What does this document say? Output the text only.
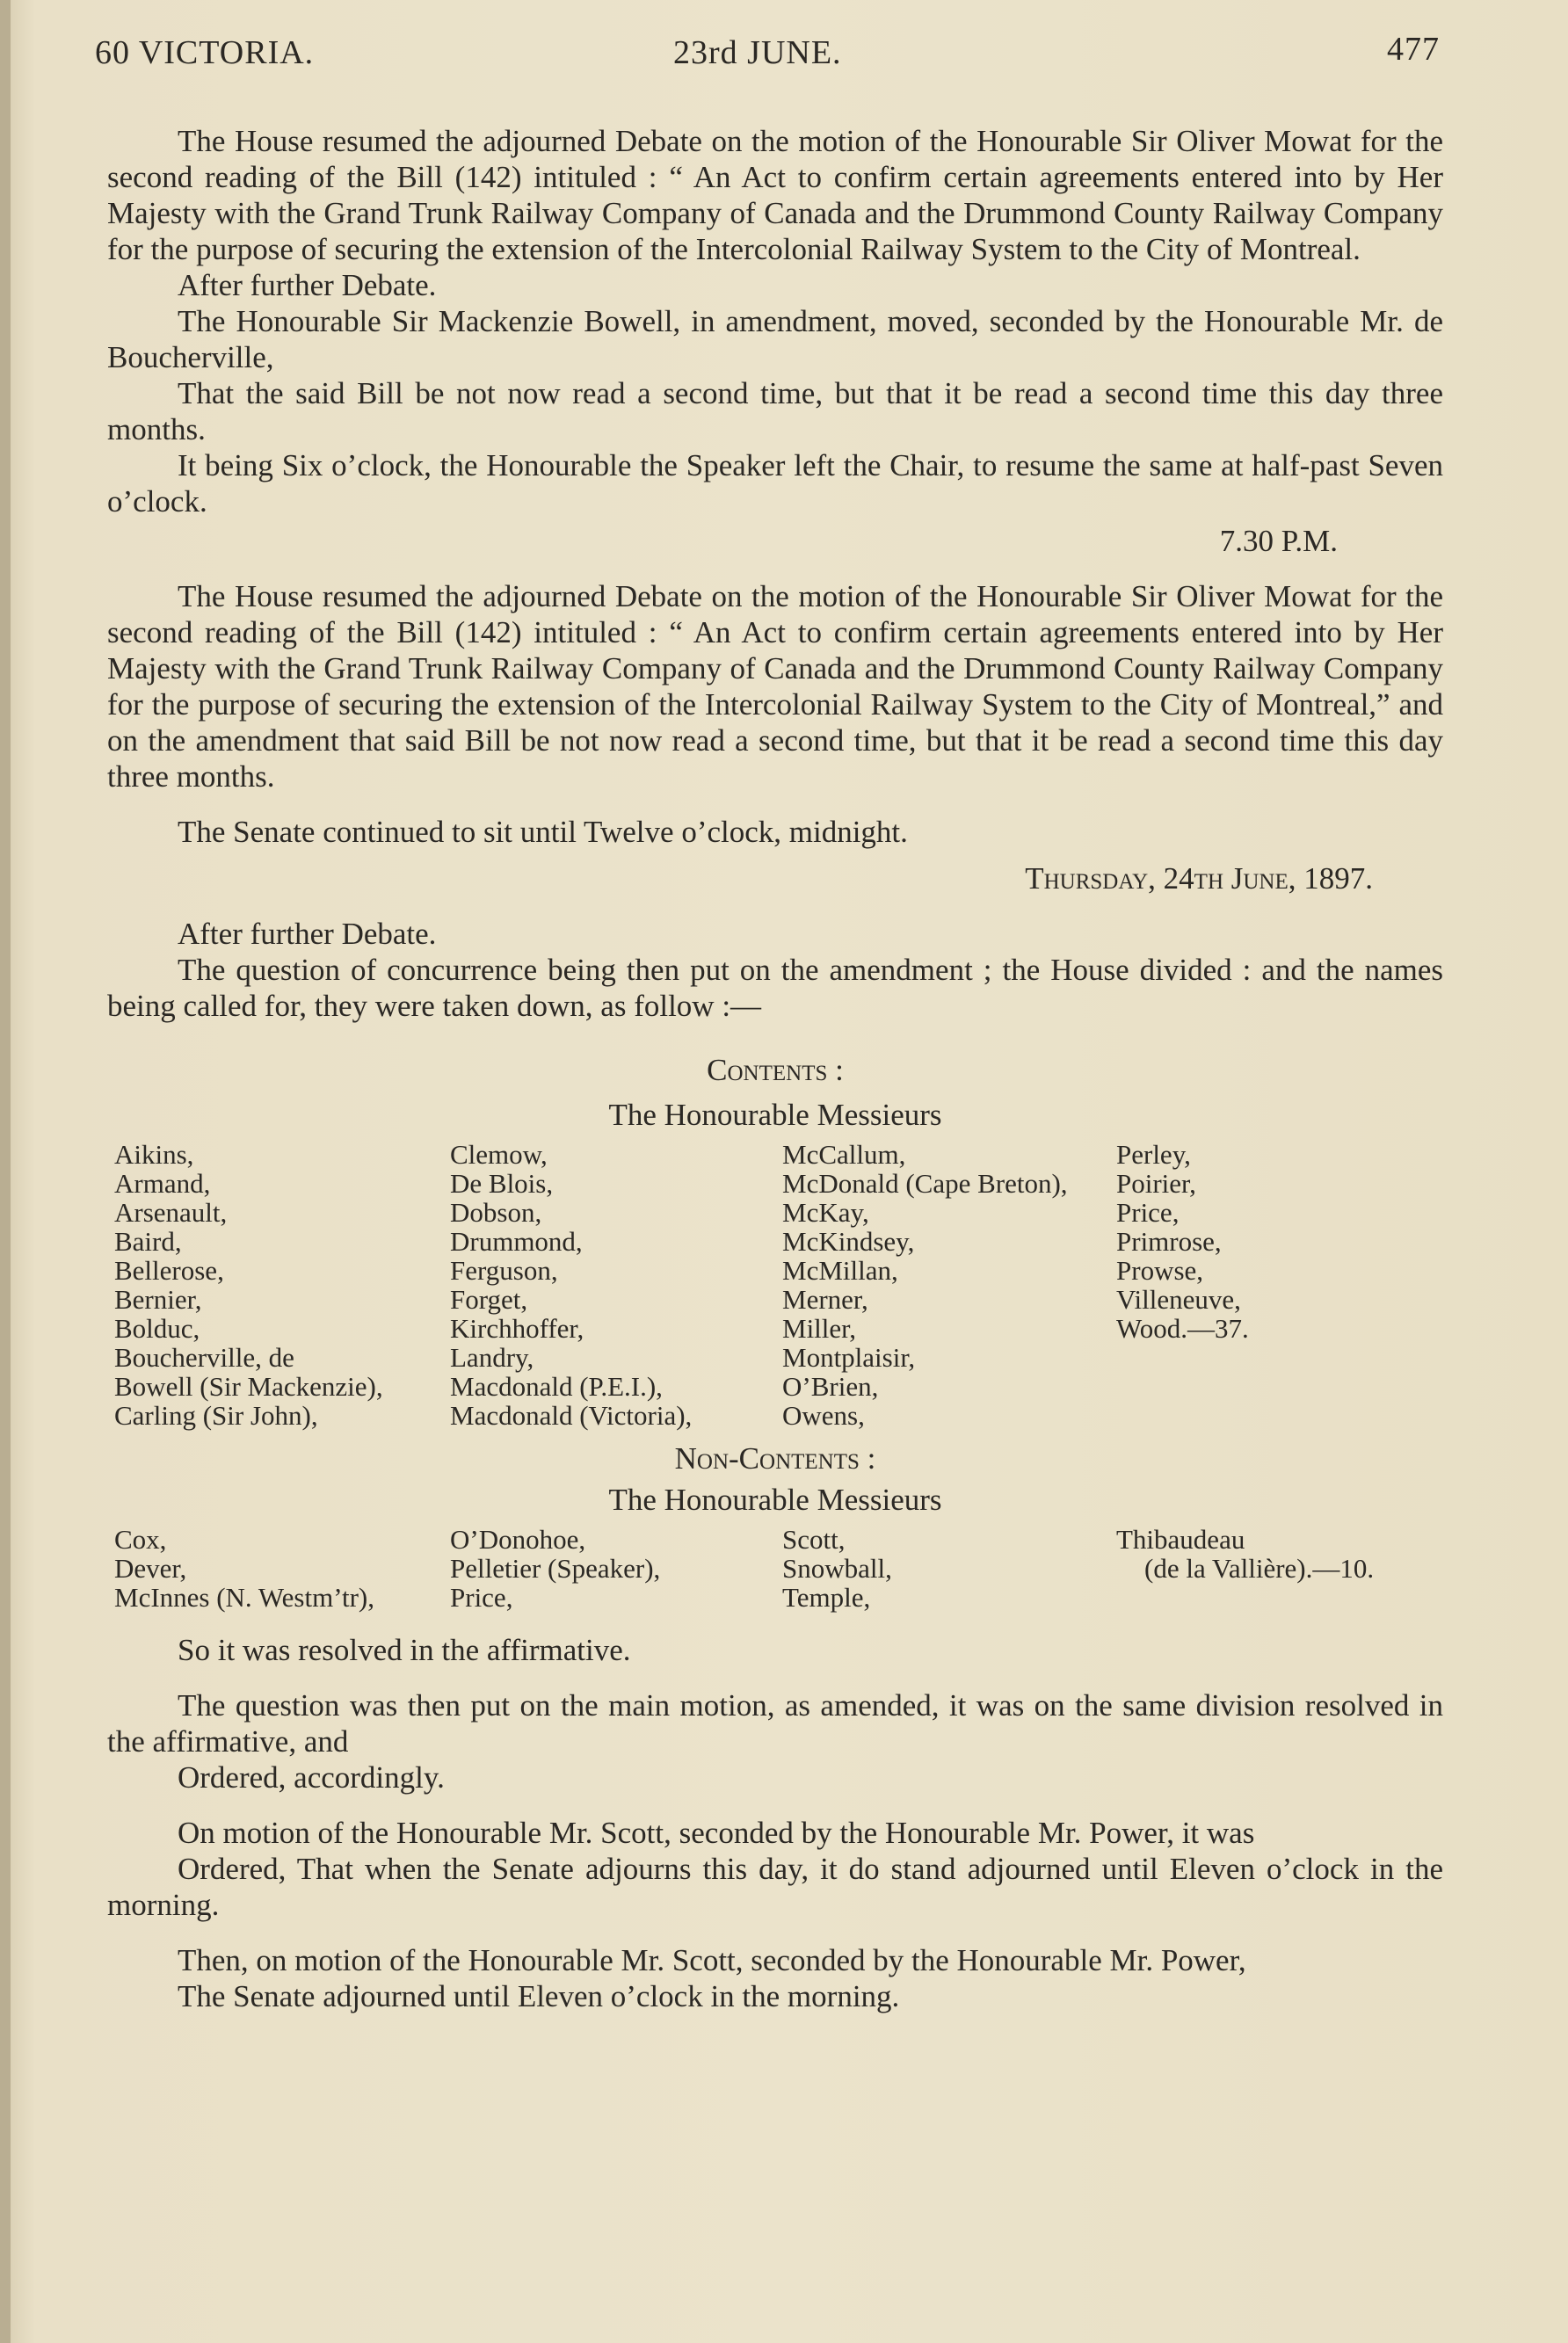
60 VICTORIA.	23rd JUNE.	477

The House resumed the adjourned Debate on the motion of the Honourable Sir Oliver Mowat for the second reading of the Bill (142) intituled : “ An Act to confirm certain agreements entered into by Her Majesty with the Grand Trunk Railway Company of Canada and the Drummond County Railway Company for the purpose of securing the extension of the Intercolonial Railway System to the City of Montreal.

After further Debate.

The Honourable Sir Mackenzie Bowell, in amendment, moved, seconded by the Honourable Mr. de Boucherville,

That the said Bill be not now read a second time, but that it be read a second time this day three months.

It being Six o’clock, the Honourable the Speaker left the Chair, to resume the same at half-past Seven o’clock.

7.30 P.M.

The House resumed the adjourned Debate on the motion of the Honourable Sir Oliver Mowat for the second reading of the Bill (142) intituled : “ An Act to confirm certain agreements entered into by Her Majesty with the Grand Trunk Railway Company of Canada and the Drummond County Railway Company for the purpose of securing the extension of the Intercolonial Railway System to the City of Montreal,” and on the amendment that said Bill be not now read a second time, but that it be read a second time this day three months.

The Senate continued to sit until Twelve o’clock, midnight.

Thursday, 24th June, 1897.

After further Debate.

The question of concurrence being then put on the amendment ; the House divided : and the names being called for, they were taken down, as follow :—

Contents :

The Honourable Messieurs

Aikins,
Armand,
Arsenault,
Baird,
Bellerose,
Bernier,
Bolduc,
Boucherville, de
Bowell (Sir Mackenzie),
Carling (Sir John),
Clemow,
De Blois,
Dobson,
Drummond,
Ferguson,
Forget,
Kirchhoffer,
Landry,
Macdonald (P.E.I.),
Macdonald (Victoria),
McCallum,
McDonald (Cape Breton),
McKay,
McKindsey,
McMillan,
Merner,
Miller,
Montplaisir,
O’Brien,
Owens,
Perley,
Poirier,
Price,
Primrose,
Prowse,
Villeneuve,
Wood.—37.

Non-Contents :

The Honourable Messieurs

Cox,
Dever,
McInnes (N. Westm’tr),
O’Donohoe,
Pelletier (Speaker),
Price,
Scott,
Snowball,
Temple,
Thibaudeau
(de la Vallière).—10.

So it was resolved in the affirmative.

The question was then put on the main motion, as amended, it was on the same division resolved in the affirmative, and

Ordered, accordingly.

On motion of the Honourable Mr. Scott, seconded by the Honourable Mr. Power, it was

Ordered, That when the Senate adjourns this day, it do stand adjourned until Eleven o’clock in the morning.

Then, on motion of the Honourable Mr. Scott, seconded by the Honourable Mr. Power,

The Senate adjourned until Eleven o’clock in the morning.
